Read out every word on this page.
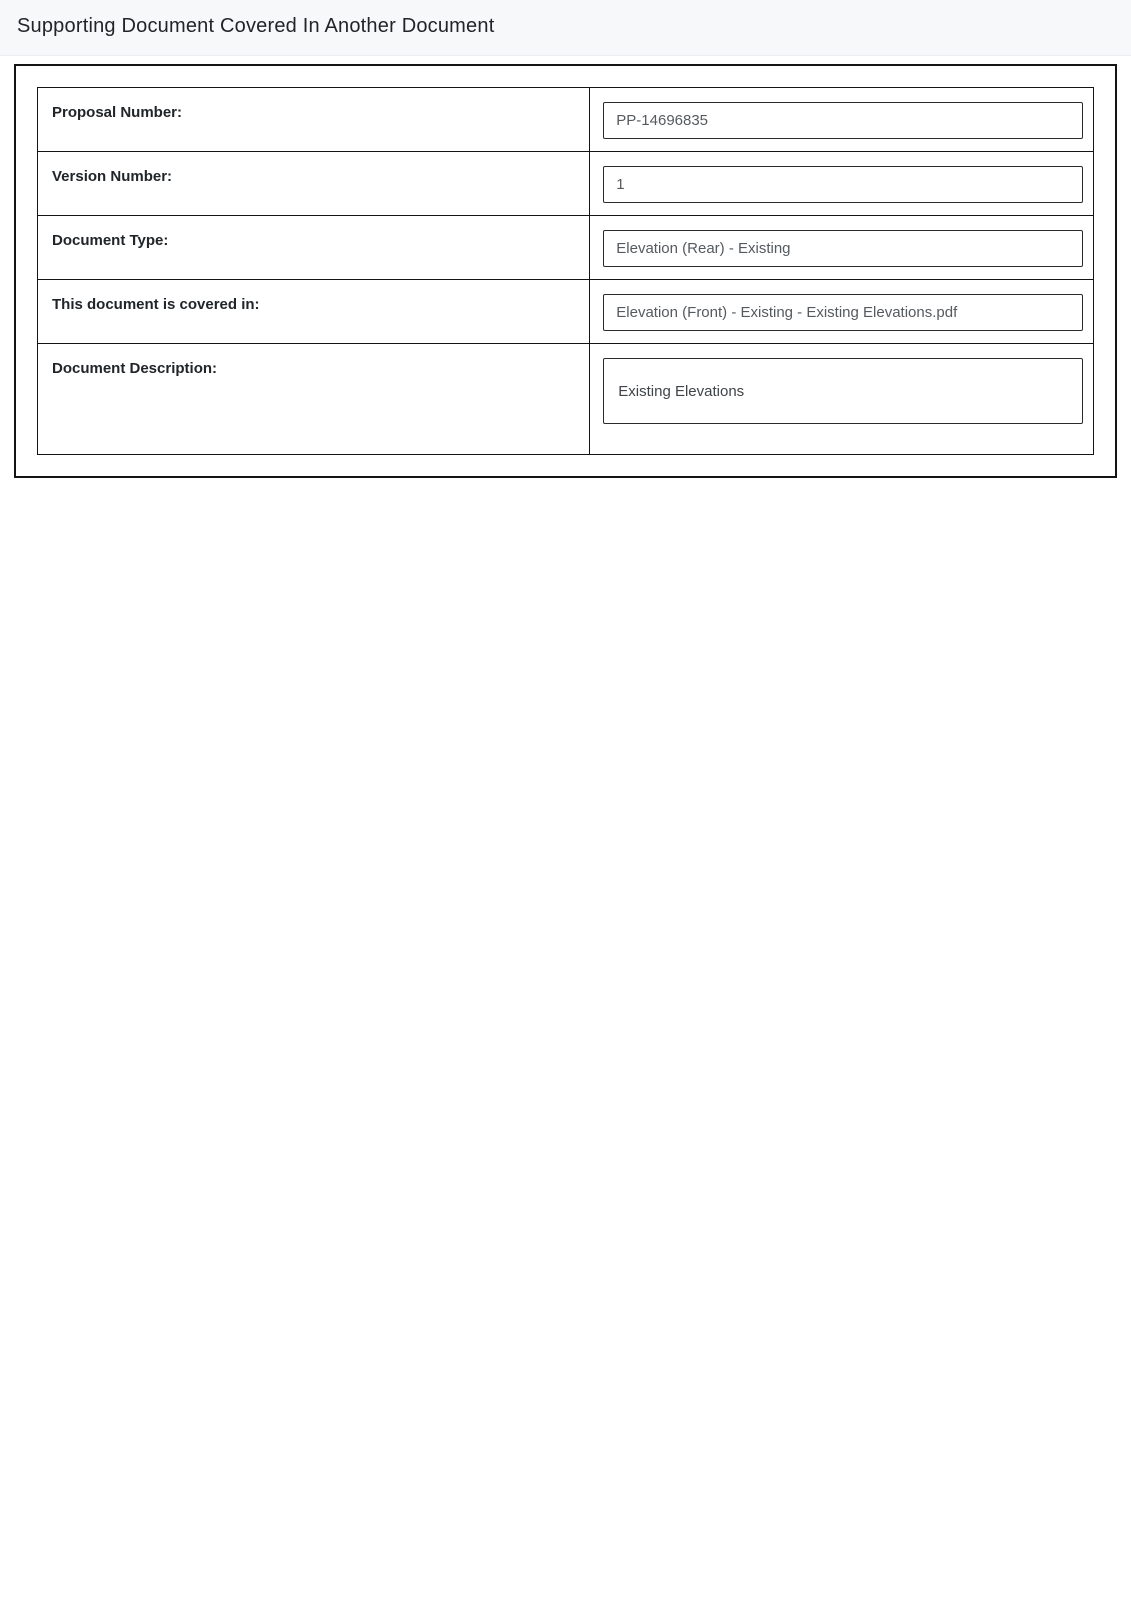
Supporting Document Covered In Another Document
Proposal Number:	PP-14696835

Version Number:	1

Document Type:	Elevation (Rear) - Existing

This document is covered in:	Elevation (Front) - Existing - Existing Elevations.pdf

Document Description:	Existing Elevations
